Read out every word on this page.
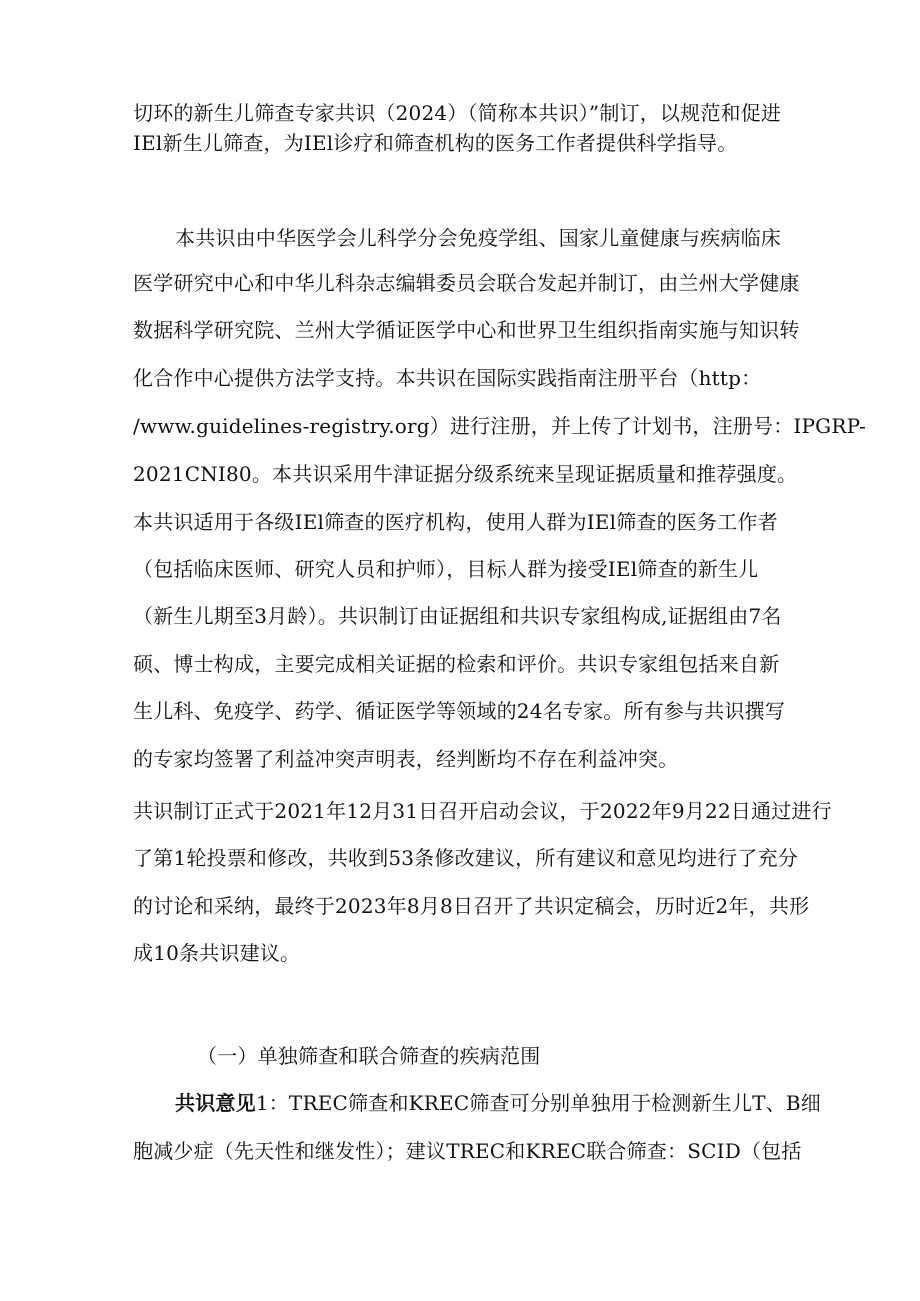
切环的新生儿筛查专家共识（2024）（简称本共识）”制订，以规范和促进
IEl新生儿筛查，为IEl诊疗和筛查机构的医务工作者提供科学指导。
本共识由中华医学会儿科学分会免疫学组、国家儿童健康与疾病临床
医学研究中心和中华儿科杂志编辑委员会联合发起并制订，由兰州大学健康
数据科学研究院、兰州大学循证医学中心和世界卫生组织指南实施与知识转
化合作中心提供方法学支持。本共识在国际实践指南注册平台（http：
/www.guidelines-registry.org）进行注册，并上传了计划书，注册号：IPGRP-
2021CNI80。本共识采用牛津证据分级系统来呈现证据质量和推荐强度。
本共识适用于各级IEl筛查的医疗机构，使用人群为IEl筛查的医务工作者
（包括临床医师、研究人员和护师），目标人群为接受IEl筛查的新生儿
（新生儿期至3月龄）。共识制订由证据组和共识专家组构成,证据组由7名
硕、博士构成，主要完成相关证据的检索和评价。共识专家组包括来自新
生儿科、免疫学、药学、循证医学等领域的24名专家。所有参与共识撰写
的专家均签署了利益冲突声明表，经判断均不存在利益冲突。
共识制订正式于2021年12月31日召开启动会议，于2022年9月22日通过进行
了第1轮投票和修改，共收到53条修改建议，所有建议和意见均进行了充分
的讨论和采纳，最终于2023年8月8日召开了共识定稿会，历时近2年，共形
成10条共识建议。
（一）单独筛查和联合筛查的疾病范围
共识意见1：TREC筛查和KREC筛查可分别单独用于检测新生儿T、B细
胞减少症（先天性和继发性）；建议TREC和KREC联合筛查：SCID（包括
